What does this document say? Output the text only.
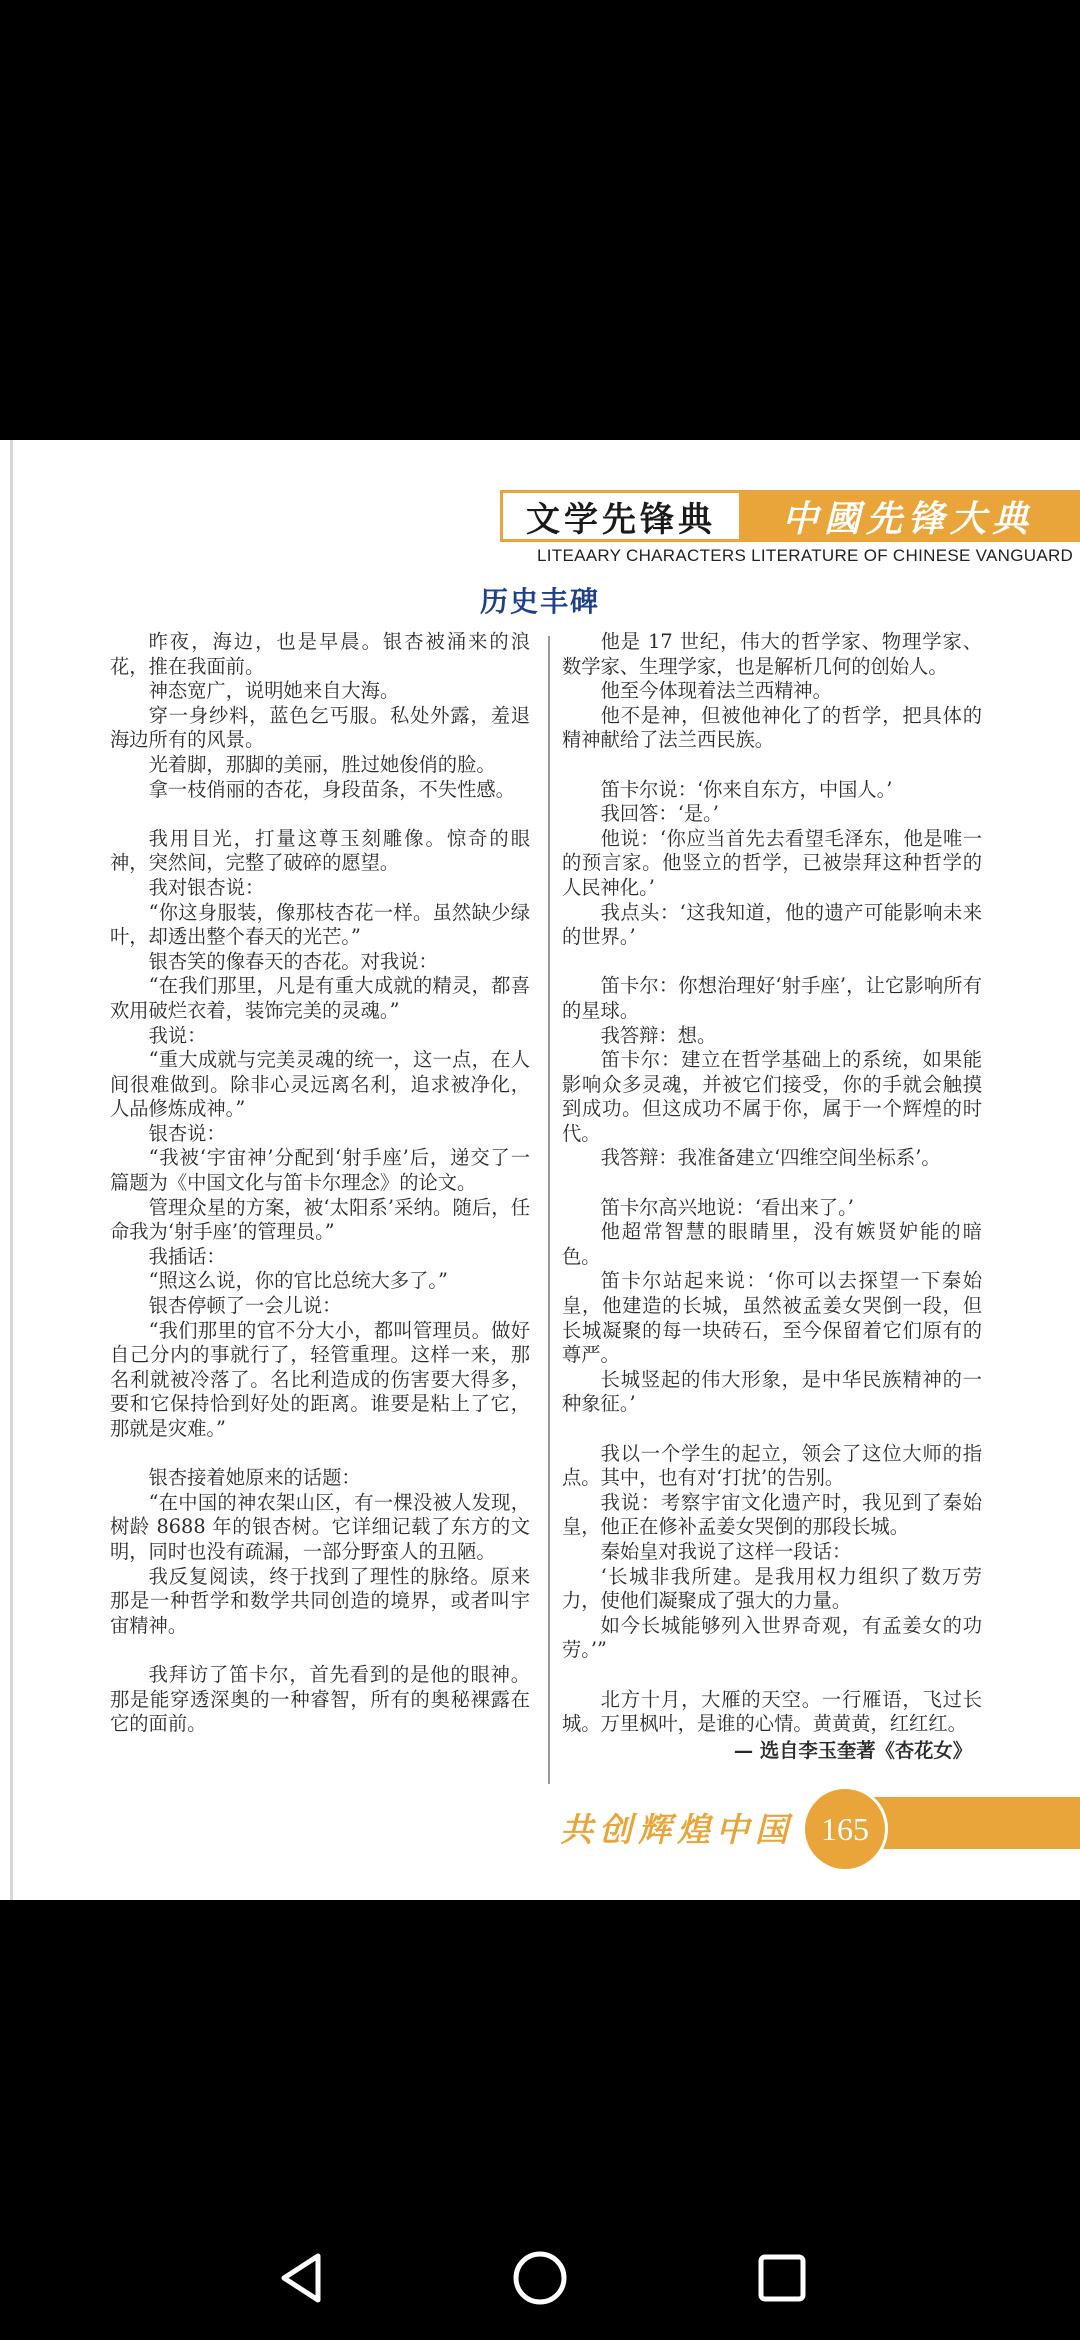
文学先锋典	中國先锋大典
LITEAARY CHARACTERS LITERATURE OF CHINESE VANGUARD
历史丰碑

昨夜，海边，也是早晨。银杏被涌来的浪花，推在我面前。

神态宽广，说明她来自大海。

穿一身纱料，蓝色乞丐服。私处外露，羞退海边所有的风景。

光着脚，那脚的美丽，胜过她俊俏的脸。

拿一枝俏丽的杏花，身段苗条，不失性感。

我用目光，打量这尊玉刻雕像。惊奇的眼神，突然间，完整了破碎的愿望。

我对银杏说：

“你这身服装，像那枝杏花一样。虽然缺少绿叶，却透出整个春天的光芒。”

银杏笑的像春天的杏花。对我说：

“在我们那里，凡是有重大成就的精灵，都喜欢用破烂衣着，装饰完美的灵魂。”

我说：

“重大成就与完美灵魂的统一，这一点，在人间很难做到。除非心灵远离名利，追求被净化，人品修炼成神。”

银杏说：

“我被‘宇宙神’分配到‘射手座’后，递交了一篇题为《中国文化与笛卡尔理念》的论文。

管理众星的方案，被‘太阳系’采纳。随后，任命我为‘射手座’的管理员。”

我插话：

“照这么说，你的官比总统大多了。”

银杏停顿了一会儿说：

“我们那里的官不分大小，都叫管理员。做好自己分内的事就行了，轻管重理。这样一来，那名利就被冷落了。名比利造成的伤害要大得多，要和它保持恰到好处的距离。谁要是粘上了它，那就是灾难。”

银杏接着她原来的话题：

“在中国的神农架山区，有一棵没被人发现，树龄 8688 年的银杏树。它详细记载了东方的文明，同时也没有疏漏，一部分野蛮人的丑陋。

我反复阅读，终于找到了理性的脉络。原来那是一种哲学和数学共同创造的境界，或者叫宇宙精神。

我拜访了笛卡尔，首先看到的是他的眼神。那是能穿透深奥的一种睿智，所有的奥秘裸露在它的面前。

他是 17 世纪，伟大的哲学家、物理学家、数学家、生理学家，也是解析几何的创始人。

他至今体现着法兰西精神。

他不是神，但被他神化了的哲学，把具体的精神献给了法兰西民族。

笛卡尔说：‘你来自东方，中国人。’

我回答：‘是。’

他说：‘你应当首先去看望毛泽东，他是唯一的预言家。他竖立的哲学，已被崇拜这种哲学的人民神化。’

我点头：‘这我知道，他的遗产可能影响未来的世界。’

笛卡尔：你想治理好‘射手座’，让它影响所有的星球。

我答辩：想。

笛卡尔：建立在哲学基础上的系统，如果能影响众多灵魂，并被它们接受，你的手就会触摸到成功。但这成功不属于你，属于一个辉煌的时代。

我答辩：我准备建立‘四维空间坐标系’。

笛卡尔高兴地说：‘看出来了。’

他超常智慧的眼睛里，没有嫉贤妒能的暗色。

笛卡尔站起来说：‘你可以去探望一下秦始皇，他建造的长城，虽然被孟姜女哭倒一段，但长城凝聚的每一块砖石，至今保留着它们原有的尊严。

长城竖起的伟大形象，是中华民族精神的一种象征。’

我以一个学生的起立，领会了这位大师的指点。其中，也有对‘打扰’的告别。

我说：考察宇宙文化遗产时，我见到了秦始皇，他正在修补孟姜女哭倒的那段长城。

秦始皇对我说了这样一段话：

‘长城非我所建。是我用权力组织了数万劳力，使他们凝聚成了强大的力量。

如今长城能够列入世界奇观，有孟姜女的功劳。’”

北方十月，大雁的天空。一行雁语，飞过长城。万里枫叶，是谁的心情。黄黄黄，红红红。

— 选自李玉奎著《杏花女》

共创辉煌中国 165
